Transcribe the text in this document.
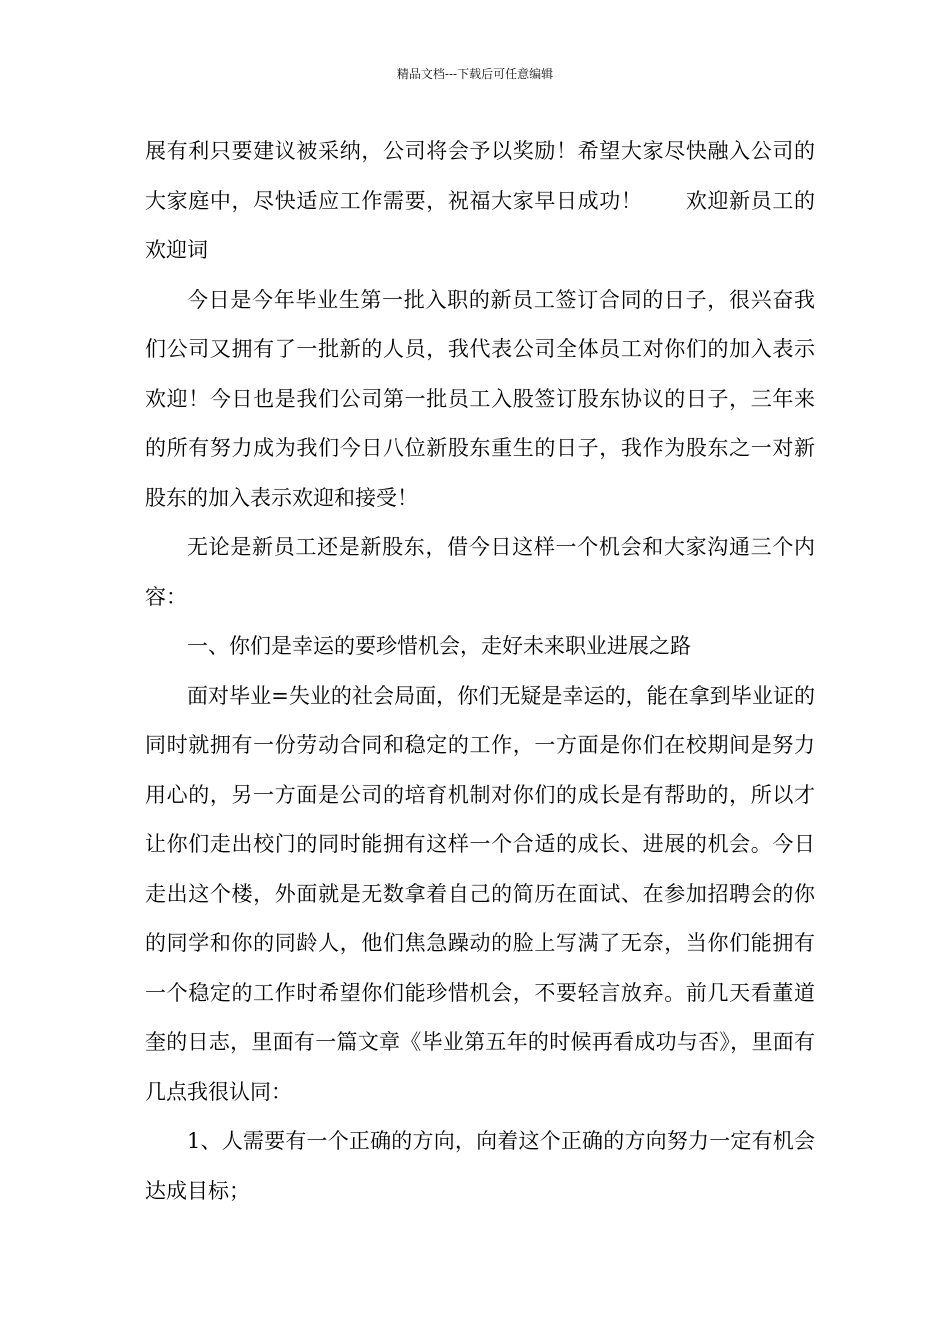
精品文档---下载后可任意编辑

展有利只要建议被采纳，公司将会予以奖励！希望大家尽快融入公司的大家庭中，尽快适应工作需要，祝福大家早日成功！　　欢迎新员工的欢迎词

今日是今年毕业生第一批入职的新员工签订合同的日子，很兴奋我们公司又拥有了一批新的人员，我代表公司全体员工对你们的加入表示欢迎！今日也是我们公司第一批员工入股签订股东协议的日子，三年来的所有努力成为我们今日八位新股东重生的日子，我作为股东之一对新股东的加入表示欢迎和接受！

无论是新员工还是新股东，借今日这样一个机会和大家沟通三个内容：

一、你们是幸运的要珍惜机会，走好未来职业进展之路

面对毕业=失业的社会局面，你们无疑是幸运的，能在拿到毕业证的同时就拥有一份劳动合同和稳定的工作，一方面是你们在校期间是努力用心的，另一方面是公司的培育机制对你们的成长是有帮助的，所以才让你们走出校门的同时能拥有这样一个合适的成长、进展的机会。今日走出这个楼，外面就是无数拿着自己的简历在面试、在参加招聘会的你的同学和你的同龄人，他们焦急躁动的脸上写满了无奈，当你们能拥有一个稳定的工作时希望你们能珍惜机会，不要轻言放弃。前几天看董道奎的日志，里面有一篇文章《毕业第五年的时候再看成功与否》，里面有几点我很认同：

1、人需要有一个正确的方向，向着这个正确的方向努力一定有机会达成目标；
